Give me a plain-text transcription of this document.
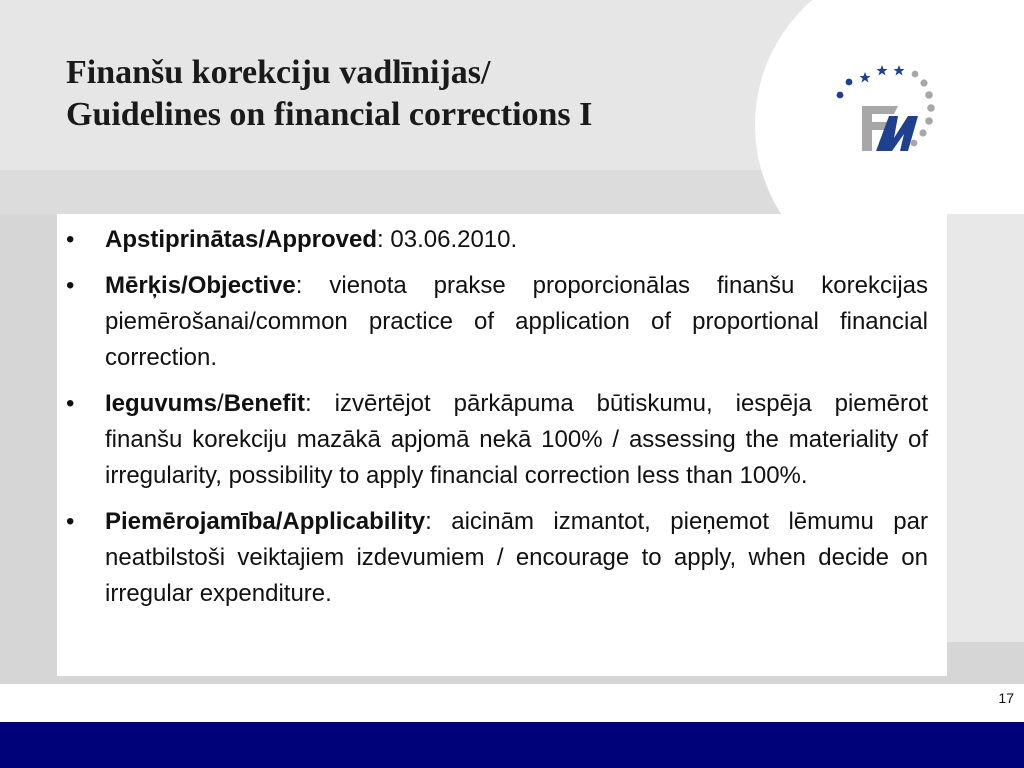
Finanšu korekciju vadlīnijas/
Guidelines on financial corrections I
•	Apstiprinātas/Approved: 03.06.2010.
•	Mērķis/Objective: vienota prakse proporcionālas finanšu korekcijas piemērošanai/common practice of application of proportional financial correction.
•	Ieguvums/Benefit: izvērtējot pārkāpuma būtiskumu, iespēja piemērot finanšu korekciju mazākā apjomā nekā 100% / assessing the materiality of irregularity, possibility to apply financial correction less than 100%.
•	Piemērojamība/Applicability: aicinām izmantot, pieņemot lēmumu par neatbilstoši veiktajiem izdevumiem / encourage to apply, when decide on irregular expenditure.
17
